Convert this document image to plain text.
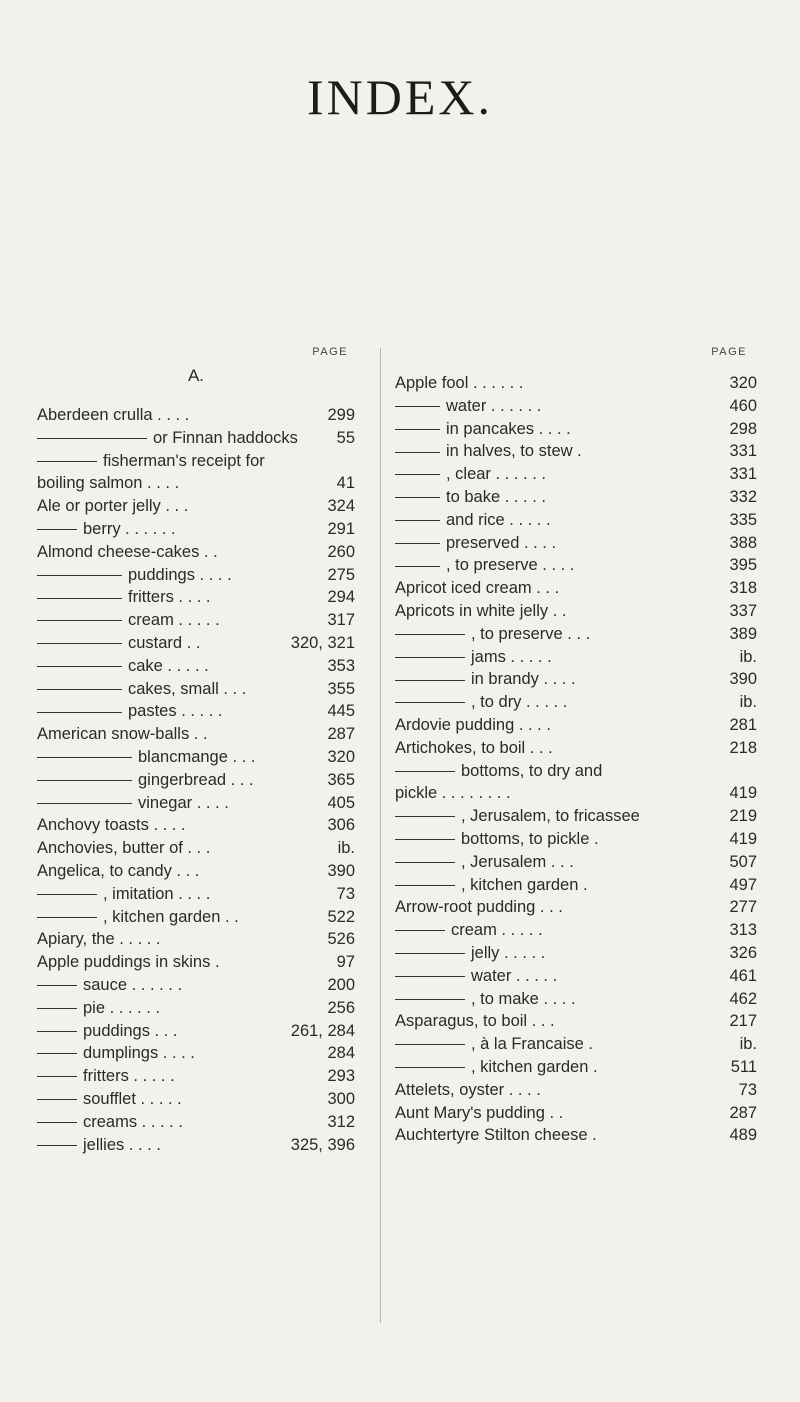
INDEX.
PAGE
A.
Aberdeen crulla . . . .	299
or Finnan haddocks 55
fisherman's receipt for
boiling salmon . . . .	41
Ale or porter jelly . . .	324
berry . . . . . .	291
Almond cheese-cakes . .	260
puddings . . . .	275
fritters . . . .	294
cream . . . . .	317
custard . .	320, 321
cake . . . . .	353
cakes, small . . .	355
pastes . . . . .	445
American snow-balls . .	287
blancmange . . .	320
gingerbread . . .	365
vinegar . . . .	405
Anchovy toasts . . . .	306
Anchovies, butter of . . .	ib.
Angelica, to candy . . .	390
, imitation . . . .	73
, kitchen garden . .	522
Apiary, the . . . . .	526
Apple puddings in skins .	97
sauce . . . . . .	200
pie . . . . . .	256
puddings . . .	261, 284
dumplings . . . .	284
fritters . . . . .	293
soufflet . . . . .	300
creams . . . . .	312
jellies . . . .	325, 396
PAGE
Apple fool . . . . . .	320
water . . . . . .	460
in pancakes . . . .	298
in halves, to stew .	331
, clear . . . . . .	331
to bake . . . . .	332
and rice . . . . .	335
preserved . . . .	388
, to preserve . . . .	395
Apricot iced cream . . .	318
Apricots in white jelly . .	337
, to preserve . . .	389
jams . . . . .	ib.
in brandy . . . .	390
, to dry . . . . .	ib.
Ardovie pudding . . . .	281
Artichokes, to boil . . .	218
bottoms, to dry and
pickle . . . . . . . .	419
, Jerusalem, to fricassee	219
bottoms, to pickle .	419
, Jerusalem . . .	507
, kitchen garden .	497
Arrow-root pudding . . .	277
cream . . . . .	313
jelly . . . . .	326
water . . . . .	461
, to make . . . .	462
Asparagus, to boil . . .	217
, à la Francaise .	ib.
, kitchen garden .	511
Attelets, oyster . . . .	73
Aunt Mary's pudding . .	287
Auchtertyre Stilton cheese .	489
